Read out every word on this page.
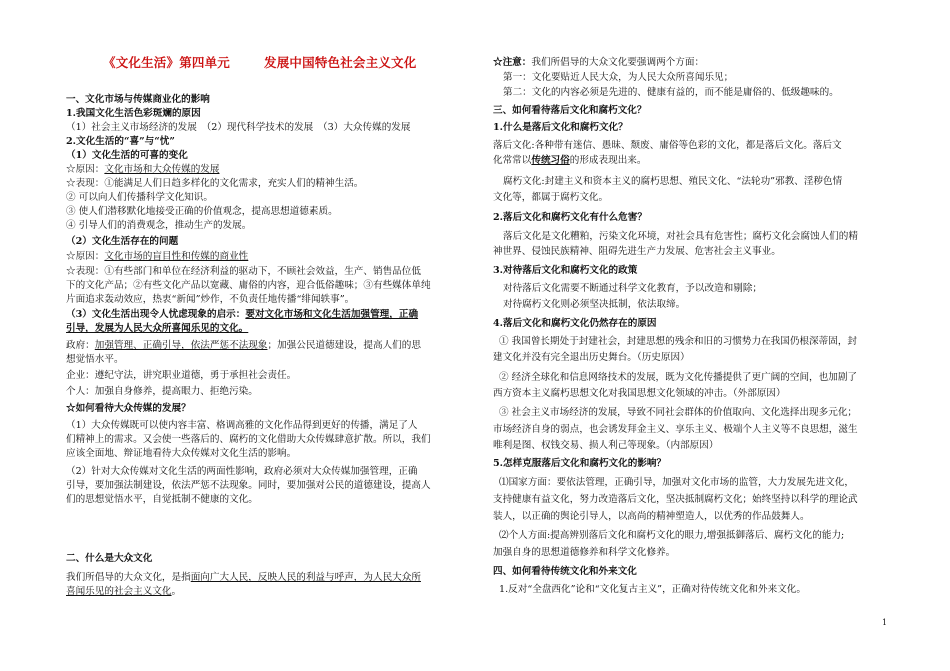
《文化生活》第四单元	发展中国特色社会主义文化
一、文化市场与传媒商业化的影响
1.我国文化生活色彩斑斓的原因
（1）社会主义市场经济的发展　（2）现代科学技术的发展　（3）大众传媒的发展
2.文化生活的“喜”与“忧”
（1）文化生活的可喜的变化
☆原因：文化市场和大众传媒的发展
☆表现：①能满足人们日趋多样化的文化需求，充实人们的精神生活。
② 可以向人们传播科学文化知识。
③ 使人们潜移默化地接受正确的价值观念，提高思想道德素质。
④ 引导人们的消费观念，推动生产的发展。
（2）文化生活存在的问题
☆原因：文化市场的盲目性和传媒的商业性
☆表现：①有些部门和单位在经济利益的驱动下，不顾社会效益，生产、销售品位低
下的文化产品；②有些文化产品以宽藏、庸俗的内容，迎合低俗趣味；③有些媒体单纯
片面追求轰动效应，热衷“新闻”炒作，不负责任地传播“绯闻轶事”。
（3）文化生活出现令人忧虑现象的启示：要对文化市场和文化生活加强管理，正确
引导，发展为人民大众所喜闻乐见的文化。
政府：加强管理、正确引导，依法严惩不法现象；加强公民道德建设，提高人们的思
想觉悟水平。
企业：遵纪守法，讲究职业道德，勇于承担社会责任。
个人：加强自身修养，提高眼力、拒绝污染。
☆如何看待大众传媒的发展？
（1）大众传媒既可以使内容丰富、格调高雅的文化作品得到更好的传播，满足了人
们精神上的需求。又会使一些落后的、腐朽的文化借助大众传媒肆意扩散。所以，我们
应该全面地、辩证地看待大众传媒对文化生活的影响。
（2）针对大众传媒对文化生活的两面性影响，政府必须对大众传媒加强管理，正确
引导，要加强法制建设，依法严惩不法现象。同时，要加强对公民的道德建设，提高人
们的思想觉悟水平，自觉抵制不健康的文化。
二、什么是大众文化
我们所倡导的大众文化，是指面向广大人民，反映人民的利益与呼声，为人民大众所
喜闻乐见的社会主义文化。
☆注意：我们所倡导的大众文化要强调两个方面：
第一：文化要贴近人民大众，为人民大众所喜闻乐见；
第二：文化的内容必须是先进的、健康有益的，而不能是庸俗的、低级趣味的。
三、如何看待落后文化和腐朽文化？
1.什么是落后文化和腐朽文化？
落后文化:各种带有迷信、愚昧、颓废、庸俗等色彩的文化，都是落后文化。落后文
化常常以传统习俗的形成表现出来。
腐朽文化:封建主义和资本主义的腐朽思想、殖民文化、“法轮功”邪教、淫秽色情
文化等，都属于腐朽文化。
2.落后文化和腐朽文化有什么危害？
落后文化是文化糟粕，污染文化环境，对社会具有危害性；腐朽文化会腐蚀人们的精
神世界、侵蚀民族精神、阻碍先进生产力发展、危害社会主义事业。
3.对待落后文化和腐朽文化的政策
对待落后文化需要不断通过科学文化教育，予以改造和剔除；
对待腐朽文化则必须坚决抵制，依法取缔。
4.落后文化和腐朽文化仍然存在的原因
① 我国曾长期处于封建社会，封建思想的残余和旧的习惯势力在我国仍根深蒂固，封
建文化并没有完全退出历史舞台。（历史原因）
② 经济全球化和信息网络技术的发展，既为文化传播提供了更广阔的空间，也加剧了
西方资本主义腐朽思想文化对我国思想文化领域的冲击。（外部原因）
③ 社会主义市场经济的发展，导致不同社会群体的价值取向、文化选择出现多元化；
市场经济自身的弱点，也会诱发拜金主义、享乐主义、极端个人主义等不良思想，滋生
唯利是图、权钱交易、损人利己等现象。（内部原因）
5.怎样克服落后文化和腐朽文化的影响？
⑴国家方面：要依法管理，正确引导，加强对文化市场的监管，大力发展先进文化，
支持健康有益文化，努力改造落后文化，坚决抵制腐朽文化；始终坚持以科学的理论武
装人，以正确的舆论引导人，以高尚的精神塑造人，以优秀的作品鼓舞人。
⑵个人方面:提高辨别落后文化和腐朽文化的眼力,增强抵御落后、腐朽文化的能力;
加强自身的思想道德修养和科学文化修养。
四、如何看待传统文化和外来文化
1.反对“全盘西化”论和“文化复古主义”，正确对待传统文化和外来文化。
1
